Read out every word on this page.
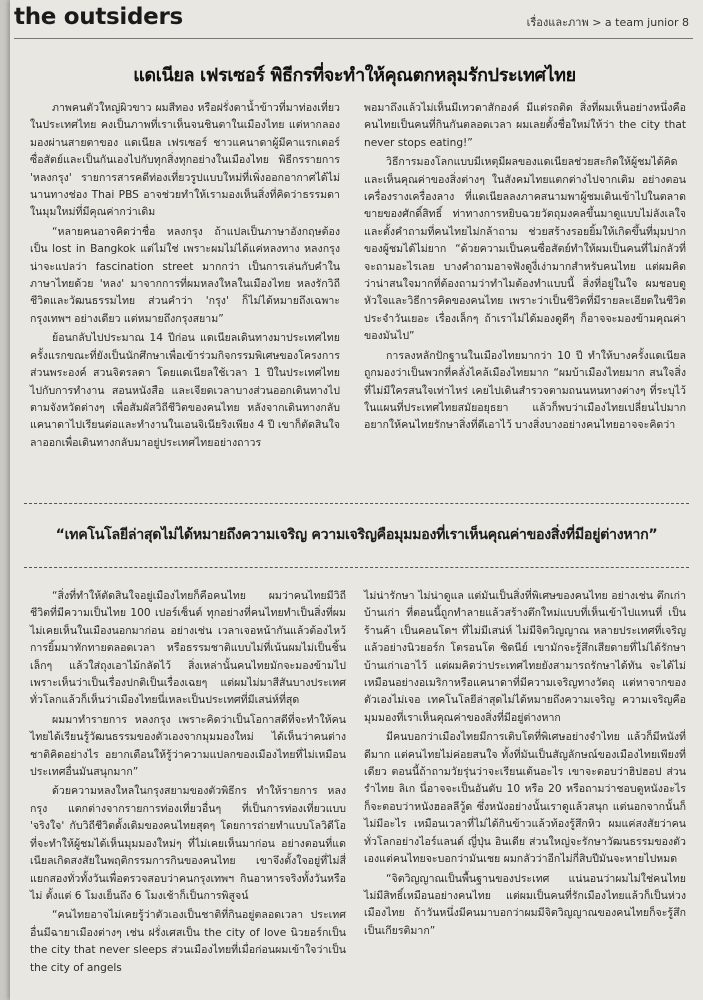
the outsiders	เรื่องและภาพ > a team junior 8
แดเนียล เฟรเซอร์ พิธีกรที่จะทำให้คุณตกหลุมรักประเทศไทย

ภาพคนตัวใหญ่ผิวขาว ผมสีทอง หรือฝรั่งตาน้ำข้าวที่มาท่องเที่ยวในประเทศไทย คงเป็นภาพที่เราเห็นจนชินตาในเมืองไทย แต่หากลองมองผ่านสายตาของ แดเนียล เฟรเซอร์ ชาวแคนาดาผู้มีคาแรกเตอร์ซื่อสัตย์และเป็นกันเองไปกับทุกสิ่งทุกอย่างในเมืองไทย พิธีกรรายการ 'หลงกรุง' รายการสารคดีท่องเที่ยวรูปแบบใหม่ที่เพิ่งออกอากาศได้ไม่นานทางช่อง Thai PBS อาจช่วยทำให้เรามองเห็นสิ่งที่คิดว่าธรรมดาในมุมใหม่ที่มีคุณค่ากว่าเดิม

“หลายคนอาจคิดว่าชื่อ หลงกรุง ถ้าแปลเป็นภาษาอังกฤษต้องเป็น lost in Bangkok แต่ไม่ใช่ เพราะผมไม่ได้แค่หลงทาง หลงกรุง น่าจะแปลว่า fascination street มากกว่า เป็นการเล่นกับคำในภาษาไทยด้วย 'หลง' มาจากการที่ผมหลงใหลในเมืองไทย หลงรักวิถีชีวิตและวัฒนธรรมไทย ส่วนคำว่า 'กรุง' ก็ไม่ได้หมายถึงเฉพาะกรุงเทพฯ อย่างเดียว แต่หมายถึงกรุงสยาม”

ย้อนกลับไปประมาณ 14 ปีก่อน แดเนียลเดินทางมาประเทศไทยครั้งแรกขณะที่ยังเป็นนักศึกษาเพื่อเข้าร่วมกิจกรรมพิเศษของโครงการส่วนพระองค์ สวนจิตรลดา โดยแดเนียลใช้เวลา 1 ปีในประเทศไทยไปกับการทำงาน สอนหนังสือ และเจียดเวลาบางส่วนออกเดินทางไปตามจังหวัดต่างๆ เพื่อสัมผัสวิถีชีวิตของคนไทย หลังจากเดินทางกลับแคนาดาไปเรียนต่อและทำงานในเอนจิเนียริงเพียง 4 ปี เขาก็ตัดสินใจลาออกเพื่อเดินทางกลับมาอยู่ประเทศไทยอย่างถาวร

พอมาถึงแล้วไม่เห็นมีเทวดาสักองค์ มีแต่รถติด สิ่งที่ผมเห็นอย่างหนึ่งคือ คนไทยเป็นคนที่กินกันตลอดเวลา ผมเลยตั้งชื่อใหม่ให้ว่า the city that never stops eating!”

วิธีการมองโลกแบบมีเหตุมีผลของแดเนียลช่วยสะกิดให้ผู้ชมได้คิดและเห็นคุณค่าของสิ่งต่างๆ ในสังคมไทยแตกต่างไปจากเดิม อย่างตอนเครื่องรางเครื่องลาง ที่แดเนียลลงภาคสนามพาผู้ชมเดินเข้าไปในตลาดขายของศักดิ์สิทธิ์ ท่าทางการหยิบฉวยวัตถุมงคลขึ้นมาดูแบบไม่ลังเลใจและตั้งคำถามที่คนไทยไม่กล้าถาม ช่วยสร้างรอยยิ้มให้เกิดขึ้นที่มุมปากของผู้ชมได้ไม่ยาก “ด้วยความเป็นคนซื่อสัตย์ทำให้ผมเป็นคนที่ไม่กลัวที่จะถามอะไรเลย บางคำถามอาจฟังดูงี่เง่ามากสำหรับคนไทย แต่ผมคิดว่าน่าสนใจมากที่ต้องถามว่าทำไมต้องทำแบบนี้ สิ่งที่อยู่ในใจ ผมชอบดูหัวใจและวิธีการคิดของคนไทย เพราะว่าเป็นชีวิตที่มีรายละเอียดในชีวิตประจำวันเยอะ เรื่องเล็กๆ ถ้าเราไม่ได้มองดูดีๆ ก็อาจจะมองข้ามคุณค่าของมันไป”

การลงหลักปักฐานในเมืองไทยมากว่า 10 ปี ทำให้บางครั้งแดเนียลถูกมองว่าเป็นพวกที่คลั่งไคล้เมืองไทยมาก “ผมบ้าเมืองไทยมาก สนใจสิ่งที่ไม่มีใครสนใจเท่าไหร่ เคยไปเดินสำรวจตามถนนหนทางต่างๆ ที่ระบุไว้ในแผนที่ประเทศไทยสมัยอยุธยา แล้วก็พบว่าเมืองไทยเปลี่ยนไปมาก อยากให้คนไทยรักษาสิ่งที่ดีเอาไว้ บางสิ่งบางอย่างคนไทยอาจจะคิดว่า

“เทคโนโลยีล่าสุดไม่ได้หมายถึงความเจริญ ความเจริญคือมุมมองที่เราเห็นคุณค่าของสิ่งที่มีอยู่ต่างหาก”

“สิ่งที่ทำให้ตัดสินใจอยู่เมืองไทยก็คือคนไทย ผมว่าคนไทยมีวิถีชีวิตที่มีความเป็นไทย 100 เปอร์เซ็นต์ ทุกอย่างที่คนไทยทำเป็นสิ่งที่ผมไม่เคยเห็นในเมืองนอกมาก่อน อย่างเช่น เวลาเจอหน้ากันแล้วต้องไหว้ การยิ้มมาทักทายตลอดเวลา หรือธรรมชาติแบบไม่ที่เน้นผมไม่เป็นชิ้นเล็กๆ แล้วใส่ถุงเอาไม้กลัดไว้ สิ่งเหล่านั้นคนไทยมักจะมองข้ามไปเพราะเห็นว่าเป็นเรื่องปกติเป็นเรื่องเฉยๆ แต่ผมไม่มาสีสันบางประเทศทั่วโลกแล้วก็เห็นว่าเมืองไทยนี่เหละเป็นประเทศที่มีเสน่ห์ที่สุด

ผมมาทำรายการ หลงกรุง เพราะคิดว่าเป็นโอกาสดีที่จะทำให้คนไทยได้เรียนรู้วัฒนธรรมของตัวเองจากมุมมองใหม่ ได้เห็นว่าคนต่างชาติคิดอย่างไร อยากเตือนให้รู้ว่าความแปลกของเมืองไทยที่ไม่เหมือนประเทศอื่นมันสนุกมาก”

ด้วยความหลงใหลในกรุงสยามของตัวพิธีกร ทำให้รายการ หลงกรุง แตกต่างจากรายการท่องเที่ยวอื่นๆ ที่เป็นการท่องเที่ยวแบบ 'จริงใจ' กับวิถีชีวิตดั้งเดิมของคนไทยสุดๆ โดยการถ่ายทำแบบโลวิดีโอที่จะทำให้ผู้ชมได้เห็นมุมมองใหม่ๆ ที่ไม่เคยเห็นมาก่อน อย่างตอนที่แดเนียลเกิดสงสัยในพฤติกรรมการกินของคนไทย เขาจึงตั้งใจอยู่ที่ไม่สี่แยกสองทั่วทั้งวันเพื่อตรวจสอบว่าคนกรุงเทพฯ กินอาหารจริงทั้งวันหรือไม่ ตั้งแต่ 6 โมงเย็นถึง 6 โมงเช้าก็เป็นการพิสูจน์

“คนไทยอาจไม่เคยรู้ว่าตัวเองเป็นชาติที่กินอยู่ตลอดเวลา ประเทศอื่นมีฉายาเมืองต่างๆ เช่น ฝรั่งเศสเป็น the city of love นิวยอร์กเป็น the city that never sleeps ส่วนเมืองไทยที่เมื่อก่อนผมเข้าใจว่าเป็น the city of angels

ไม่น่ารักษา ไม่น่าดูแล แต่มันเป็นสิ่งที่พิเศษของคนไทย อย่างเช่น ตึกเก่าบ้านเก่า ที่ตอนนี้ถูกทำลายแล้วสร้างตึกใหม่แบบที่เห็นเข้าไปแทนที่ เป็นร้านค้า เป็นคอนโดฯ ที่ไม่มีเสน่ห์ ไม่มีจิตวิญญาณ หลายประเทศที่เจริญแล้วอย่างนิวยอร์ก โตรอนโต ซิดนีย์ เขามักจะรู้สึกเสียดายที่ไม่ได้รักษาบ้านเก่าเอาไว้ แต่ผมคิดว่าประเทศไทยยังสามารถรักษาได้ทัน จะได้ไม่เหมือนอย่างอเมริกาหรือแคนาดาที่มีความเจริญทางวัตถุ แต่หาจากของตัวเองไม่เจอ เทคโนโลยีล่าสุดไม่ได้หมายถึงความเจริญ ความเจริญคือมุมมองที่เราเห็นคุณค่าของสิ่งที่มีอยู่ต่างหาก

มีคนบอกว่าเมืองไทยมีการเติบโตที่พิเศษอย่างจำไทย แล้วก็มีหนังที่ดีมาก แต่คนไทยไม่ค่อยสนใจ ทั้งที่มันเป็นสัญลักษณ์ของเมืองไทยเพียงที่เดียว ตอนนี้ถ้าถามวัยรุ่นว่าจะเรียนเต้นอะไร เขาจะตอบว่าฮิปฮอป ส่วนรำไทย ลิเก นี่อาจจะเป็นอันดับ 10 หรือ 20 หรือถามว่าชอบดูหนังอะไร ก็จะตอบว่าหนังฮอลลีวู้ด ซึ่งหนังอย่างนั้นเราดูแล้วสนุก แต่นอกจากนั้นก็ไม่มีอะไร เหมือนเวลาที่ไม่ได้กินข้าวแล้วท้องรู้สึกหิว ผมแค่สงสัยว่าคนทั่วโลกอย่างไอร์แลนด์ ญี่ปุ่น อินเดีย ส่วนใหญ่จะรักษาวัฒนธรรมของตัวเองแต่คนไทยจะบอกว่ามันเชย ผมกลัวว่าอีกไม่กี่สิบปีมันจะหายไปหมด

“จิตวิญญาณเป็นพื้นฐานของประเทศ แน่นอนว่าผมไม่ใช่คนไทย ไม่มีสิทธิ์เหมือนอย่างคนไทย แต่ผมเป็นคนที่รักเมืองไทยแล้วก็เป็นห่วงเมืองไทย ถ้าวันหนึ่งมีคนมาบอกว่าผมมีจิตวิญญาณของคนไทยก็จะรู้สึกเป็นเกียรติมาก”
